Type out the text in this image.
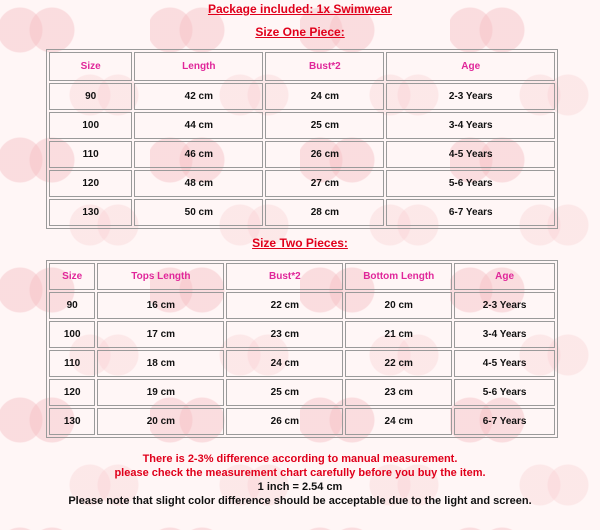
Package included: 1x Swimwear
Size One Piece:
Size	Length	Bust*2	Age
90	42 cm	24 cm	2-3 Years
100	44 cm	25 cm	3-4 Years
110	46 cm	26 cm	4-5 Years
120	48 cm	27 cm	5-6 Years
130	50 cm	28 cm	6-7 Years
Size Two Pieces:
Size	Tops Length	Bust*2	Bottom Length	Age
90	16 cm	22 cm	20 cm	2-3 Years
100	17 cm	23 cm	21 cm	3-4 Years
110	18 cm	24 cm	22 cm	4-5 Years
120	19 cm	25 cm	23 cm	5-6 Years
130	20 cm	26 cm	24 cm	6-7 Years
There is 2-3% difference according to manual measurement.
please check the measurement chart carefully before you buy the item.
1 inch = 2.54 cm
Please note that slight color difference should be acceptable due to the light and screen.
